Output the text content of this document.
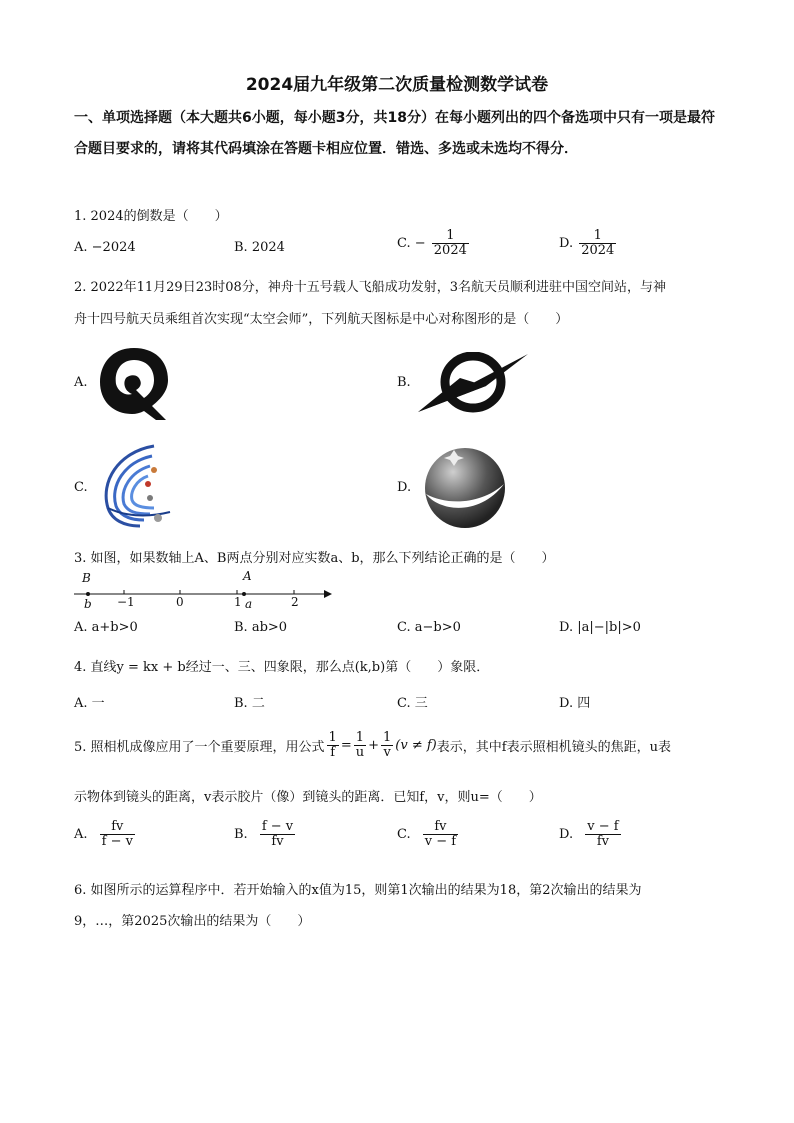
2024届九年级第二次质量检测数学试卷
一、单项选择题（本大题共6小题，每小题3分，共18分）在每小题列出的四个备选项中只有一项是最符合题目要求的，请将其代码填涂在答题卡相应位置．错选、多选或未选均不得分．
1. 2024的倒数是（　　）
A. −2024	B. 2024	C. − $\frac{1}{2024}$	D. $\frac{1}{2024}$
2. 2022年11月29日23时08分，神舟十五号载人飞船成功发射，3名航天员顺利进驻中国空间站，与神
舟十四号航天员乘组首次实现“太空会师”，下列航天图标是中心对称图形的是（　　）
A.	B.
C.	D.
3. 如图，如果数轴上A、B两点分别对应实数a、b，那么下列结论正确的是（　　）
B	A
b −1	0	1 a	2
A. a+b>0	B. ab>0	C. a−b>0	D. |a|−|b|>0
4. 直线y = kx + b经过一、三、四象限，那么点(k,b)第（　　）象限．
A. 一	B. 二	C. 三	D. 四
5. 照相机成像应用了一个重要原理，用公式 $\frac{1}{f} = \frac{1}{u} + \frac{1}{v} (v \ne f)$表示，其中f表示照相机镜头的焦距，u表
示物体到镜头的距离，v表示胶片（像）到镜头的距离．已知f，v，则u=（　　）
A. $\frac{fv}{f - v}$	B. $\frac{f - v}{fv}$	C. $\frac{fv}{v - f}$	D. $\frac{v - f}{fv}$
6. 如图所示的运算程序中．若开始输入的x值为15，则第1次输出的结果为18，第2次输出的结果为
9，…，第2025次输出的结果为（　　）
